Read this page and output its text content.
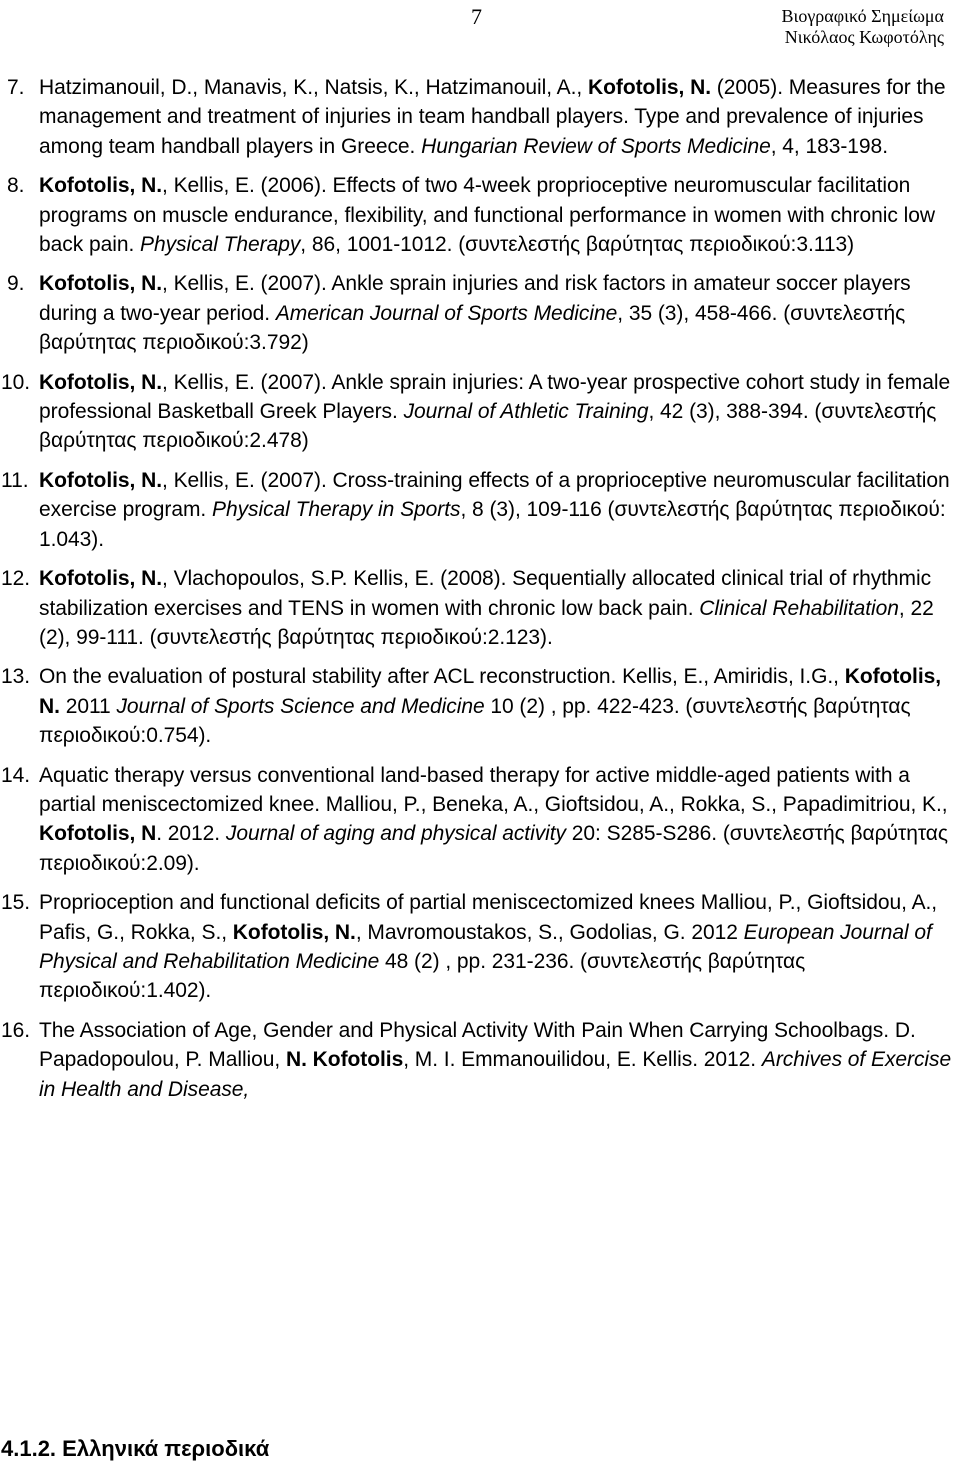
7	Βιογραφικό Σημείωμα
Νικόλαος Κωφοτόλης
7. Hatzimanouil, D., Manavis, K., Natsis, K., Hatzimanouil, A., Kofotolis, N. (2005). Measures for the management and treatment of injuries in team handball players. Type and prevalence of injuries among team handball players in Greece. Hungarian Review of Sports Medicine, 4, 183-198.
8. Kofotolis, N., Kellis, E. (2006). Effects of two 4-week proprioceptive neuromuscular facilitation programs on muscle endurance, flexibility, and functional performance in women with chronic low back pain. Physical Therapy, 86, 1001-1012. (συντελεστής βαρύτητας περιοδικού:3.113)
9. Kofotolis, N., Kellis, E. (2007). Ankle sprain injuries and risk factors in amateur soccer players during a two-year period. American Journal of Sports Medicine, 35 (3), 458-466. (συντελεστής βαρύτητας περιοδικού:3.792)
10. Kofotolis, N., Kellis, E. (2007). Ankle sprain injuries: A two-year prospective cohort study in female professional Basketball Greek Players. Journal of Athletic Training, 42 (3), 388-394. (συντελεστής βαρύτητας περιοδικού:2.478)
11. Kofotolis, N., Kellis, E. (2007). Cross-training effects of a proprioceptive neuromuscular facilitation exercise program. Physical Therapy in Sports, 8 (3), 109-116 (συντελεστής βαρύτητας περιοδικού: 1.043).
12. Kofotolis, N., Vlachopoulos, S.P. Kellis, E. (2008). Sequentially allocated clinical trial of rhythmic stabilization exercises and TENS in women with chronic low back pain. Clinical Rehabilitation, 22 (2), 99-111. (συντελεστής βαρύτητας περιοδικού:2.123).
13. On the evaluation of postural stability after ACL reconstruction. Kellis, E., Amiridis, I.G., Kofotolis, N. 2011 Journal of Sports Science and Medicine 10 (2) , pp. 422-423. (συντελεστής βαρύτητας περιοδικού:0.754).
14. Aquatic therapy versus conventional land-based therapy for active middle-aged patients with a partial meniscectomized knee. Malliou, P., Beneka, A., Gioftsidou, A., Rokka, S., Papadimitriou, K., Kofotolis, N. 2012. Journal of aging and physical activity 20: S285-S286. (συντελεστής βαρύτητας περιοδικού:2.09).
15. Proprioception and functional deficits of partial meniscectomized knees Malliou, P., Gioftsidou, A., Pafis, G., Rokka, S., Kofotolis, N., Mavromoustakos, S., Godolias, G. 2012 European Journal of Physical and Rehabilitation Medicine 48 (2) , pp. 231-236. (συντελεστής βαρύτητας περιοδικού:1.402).
16. The Association of Age, Gender and Physical Activity With Pain When Carrying Schoolbags. D. Papadopoulou, P. Malliou, N. Kofotolis, M. I. Emmanouilidou, E. Kellis. 2012. Archives of Exercise in Health and Disease,
4.1.2. Ελληνικά περιοδικά
